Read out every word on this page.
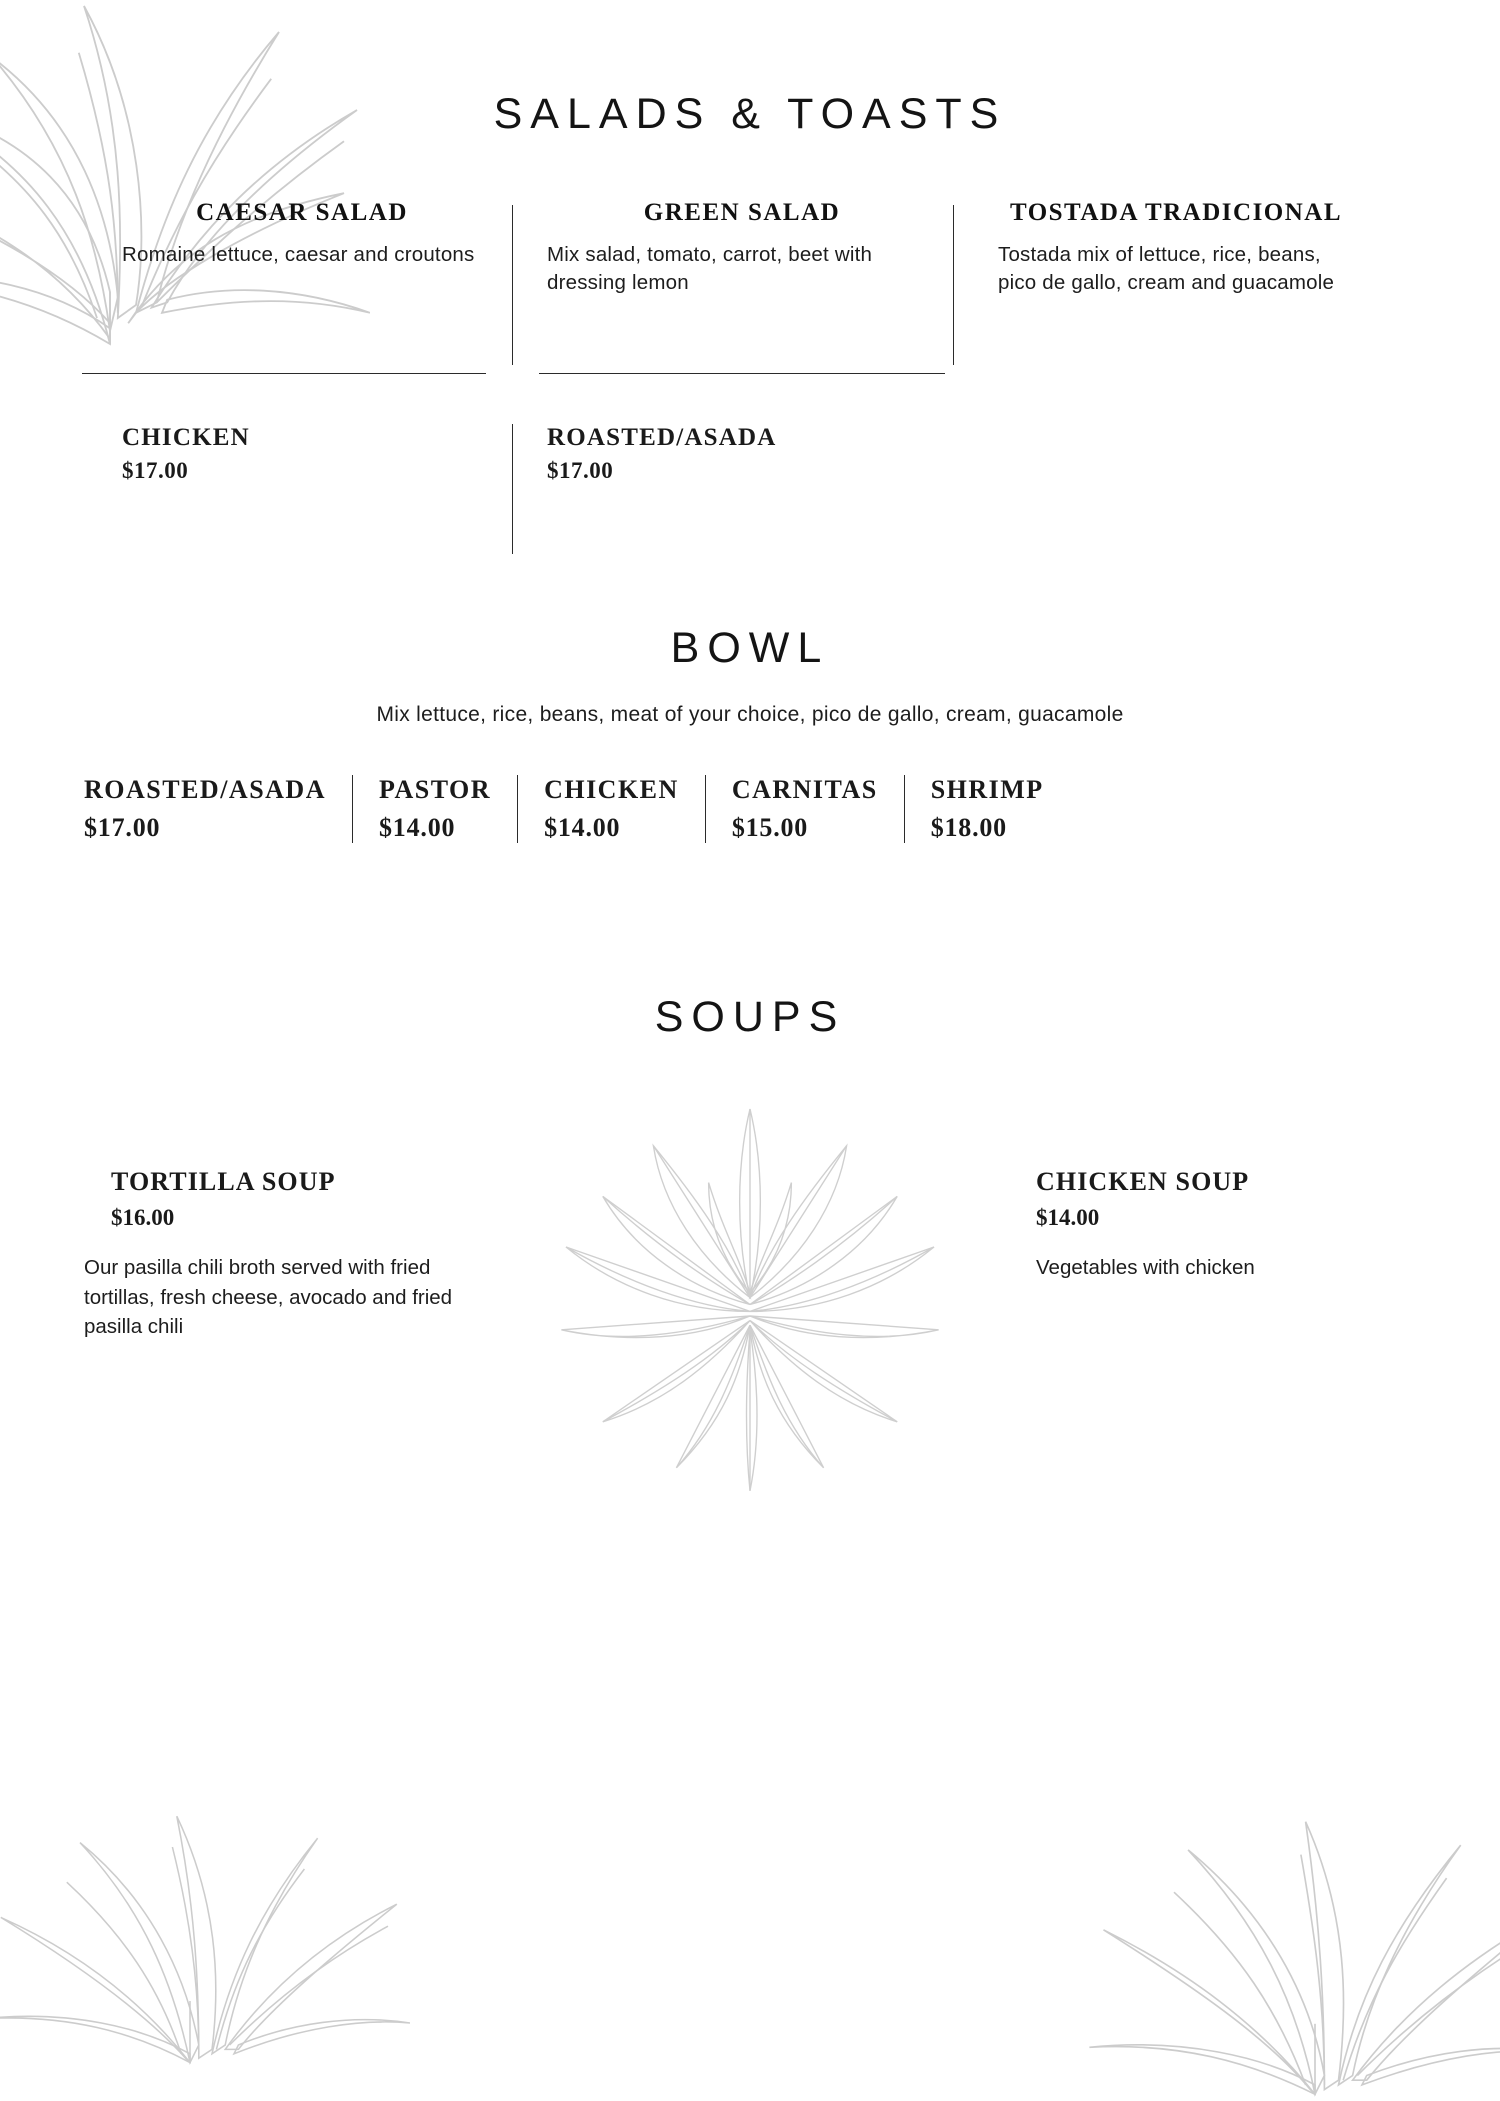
SALADS & TOASTS

CAESAR SALAD

Romaine lettuce, caesar and croutons

GREEN SALAD

Mix salad, tomato, carrot, beet with dressing lemon

TOSTADA TRADICIONAL

Tostada mix of lettuce, rice, beans, pico de gallo, cream and guacamole

CHICKEN

$17.00

ROASTED/ASADA

$17.00

BOWL

Mix lettuce, rice, beans, meat of your choice, pico de gallo, cream, guacamole

ROASTED/ASADA

$17.00

PASTOR

$14.00

CHICKEN

$14.00

CARNITAS

$15.00

SHRIMP

$18.00

SOUPS

TORTILLA SOUP

$16.00

Our pasilla chili broth served with fried tortillas, fresh cheese, avocado and fried pasilla chili

CHICKEN SOUP

$14.00

Vegetables with chicken
